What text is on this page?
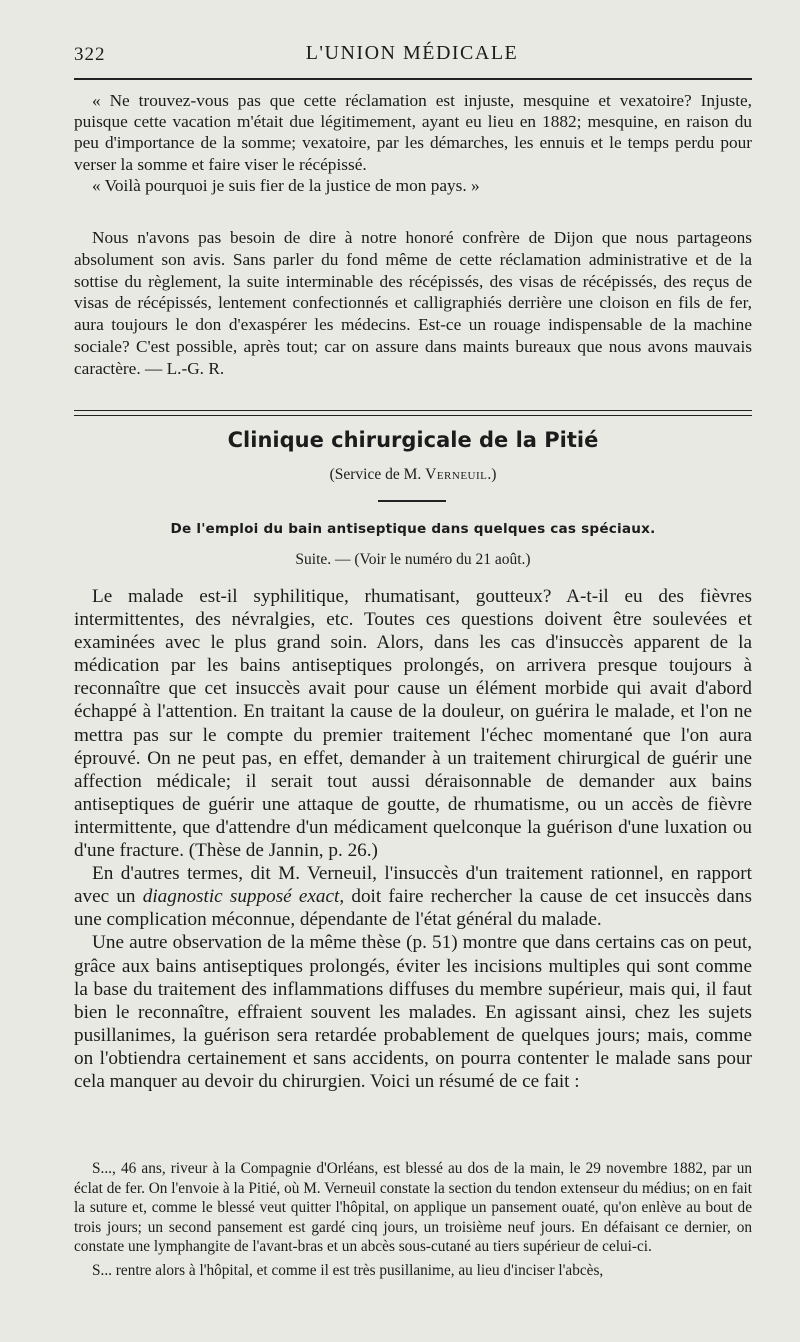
322	L'UNION MÉDICALE

« Ne trouvez-vous pas que cette réclamation est injuste, mesquine et vexatoire? Injuste, puisque cette vacation m'était due légitimement, ayant eu lieu en 1882; mesquine, en raison du peu d'importance de la somme; vexatoire, par les démarches, les ennuis et le temps perdu pour verser la somme et faire viser le récépissé.

« Voilà pourquoi je suis fier de la justice de mon pays. »

Nous n'avons pas besoin de dire à notre honoré confrère de Dijon que nous partageons absolument son avis. Sans parler du fond même de cette réclamation administrative et de la sottise du règlement, la suite interminable des récépissés, des visas de récépissés, des reçus de visas de récépissés, lentement confectionnés et calligraphiés derrière une cloison en fils de fer, aura toujours le don d'exaspérer les médecins. Est-ce un rouage indispensable de la machine sociale? C'est possible, après tout; car on assure dans maints bureaux que nous avons mauvais caractère. — L.-G. R.

Clinique chirurgicale de la Pitié
(Service de M. Verneuil.)
De l'emploi du bain antiseptique dans quelques cas spéciaux.
Suite. — (Voir le numéro du 21 août.)

Le malade est-il syphilitique, rhumatisant, goutteux? A-t-il eu des fièvres intermittentes, des névralgies, etc. Toutes ces questions doivent être soulevées et examinées avec le plus grand soin. Alors, dans les cas d'insuccès apparent de la médication par les bains antiseptiques prolongés, on arrivera presque toujours à reconnaître que cet insuccès avait pour cause un élément morbide qui avait d'abord échappé à l'attention. En traitant la cause de la douleur, on guérira le malade, et l'on ne mettra pas sur le compte du premier traitement l'échec momentané que l'on aura éprouvé. On ne peut pas, en effet, demander à un traitement chirurgical de guérir une affection médicale; il serait tout aussi déraisonnable de demander aux bains antiseptiques de guérir une attaque de goutte, de rhumatisme, ou un accès de fièvre intermittente, que d'attendre d'un médicament quelconque la guérison d'une luxation ou d'une fracture. (Thèse de Jannin, p. 26.)

En d'autres termes, dit M. Verneuil, l'insuccès d'un traitement rationnel, en rapport avec un diagnostic supposé exact, doit faire rechercher la cause de cet insuccès dans une complication méconnue, dépendante de l'état général du malade.

Une autre observation de la même thèse (p. 51) montre que dans certains cas on peut, grâce aux bains antiseptiques prolongés, éviter les incisions multiples qui sont comme la base du traitement des inflammations diffuses du membre supérieur, mais qui, il faut bien le reconnaître, effraient souvent les malades. En agissant ainsi, chez les sujets pusillanimes, la guérison sera retardée probablement de quelques jours; mais, comme on l'obtiendra certainement et sans accidents, on pourra contenter le malade sans pour cela manquer au devoir du chirurgien. Voici un résumé de ce fait :

S..., 46 ans, riveur à la Compagnie d'Orléans, est blessé au dos de la main, le 29 novembre 1882, par un éclat de fer. On l'envoie à la Pitié, où M. Verneuil constate la section du tendon extenseur du médius; on en fait la suture et, comme le blessé veut quitter l'hôpital, on applique un pansement ouaté, qu'on enlève au bout de trois jours; un second pansement est gardé cinq jours, un troisième neuf jours. En défaisant ce dernier, on constate une lymphangite de l'avant-bras et un abcès sous-cutané au tiers supérieur de celui-ci.

S... rentre alors à l'hôpital, et comme il est très pusillanime, au lieu d'inciser l'abcès,
